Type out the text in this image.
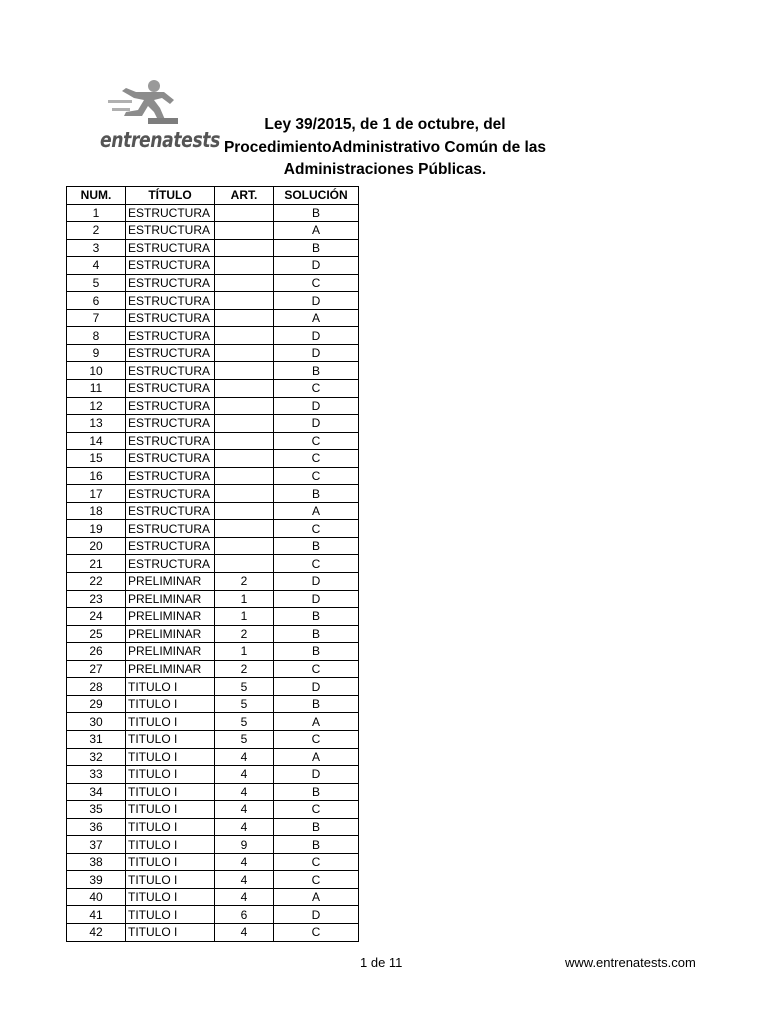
entrenatests
Ley 39/2015, de 1 de octubre, del
ProcedimientoAdministrativo Común de las
Administraciones Públicas.
NUM.	TÍTULO	ART.	SOLUCIÓN
1	ESTRUCTURA		B
2	ESTRUCTURA		A
3	ESTRUCTURA		B
4	ESTRUCTURA		D
5	ESTRUCTURA		C
6	ESTRUCTURA		D
7	ESTRUCTURA		A
8	ESTRUCTURA		D
9	ESTRUCTURA		D
10	ESTRUCTURA		B
11	ESTRUCTURA		C
12	ESTRUCTURA		D
13	ESTRUCTURA		D
14	ESTRUCTURA		C
15	ESTRUCTURA		C
16	ESTRUCTURA		C
17	ESTRUCTURA		B
18	ESTRUCTURA		A
19	ESTRUCTURA		C
20	ESTRUCTURA		B
21	ESTRUCTURA		C
22	PRELIMINAR	2	D
23	PRELIMINAR	1	D
24	PRELIMINAR	1	B
25	PRELIMINAR	2	B
26	PRELIMINAR	1	B
27	PRELIMINAR	2	C
28	TITULO I	5	D
29	TITULO I	5	B
30	TITULO I	5	A
31	TITULO I	5	C
32	TITULO I	4	A
33	TITULO I	4	D
34	TITULO I	4	B
35	TITULO I	4	C
36	TITULO I	4	B
37	TITULO I	9	B
38	TITULO I	4	C
39	TITULO I	4	C
40	TITULO I	4	A
41	TITULO I	6	D
42	TITULO I	4	C
1 de 11	www.entrenatests.com
